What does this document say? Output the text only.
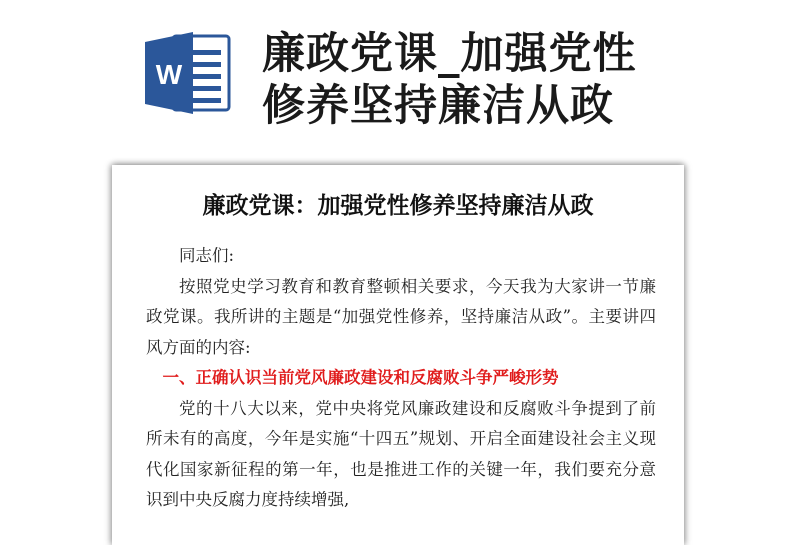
W 廉政党课_加强党性
修养坚持廉洁从政
廉政党课：加强党性修养坚持廉洁从政

同志们:

按照党史学习教育和教育整顿相关要求，今天我为大家讲一节廉政党课。我所讲的主题是“加强党性修养，坚持廉洁从政”。主要讲四风方面的内容:

一、正确认识当前党风廉政建设和反腐败斗争严峻形势

党的十八大以来，党中央将党风廉政建设和反腐败斗争提到了前所未有的高度，今年是实施“十四五”规划、开启全面建设社会主义现代化国家新征程的第一年，也是推进工作的关键一年，我们要充分意识到中央反腐力度持续增强,
